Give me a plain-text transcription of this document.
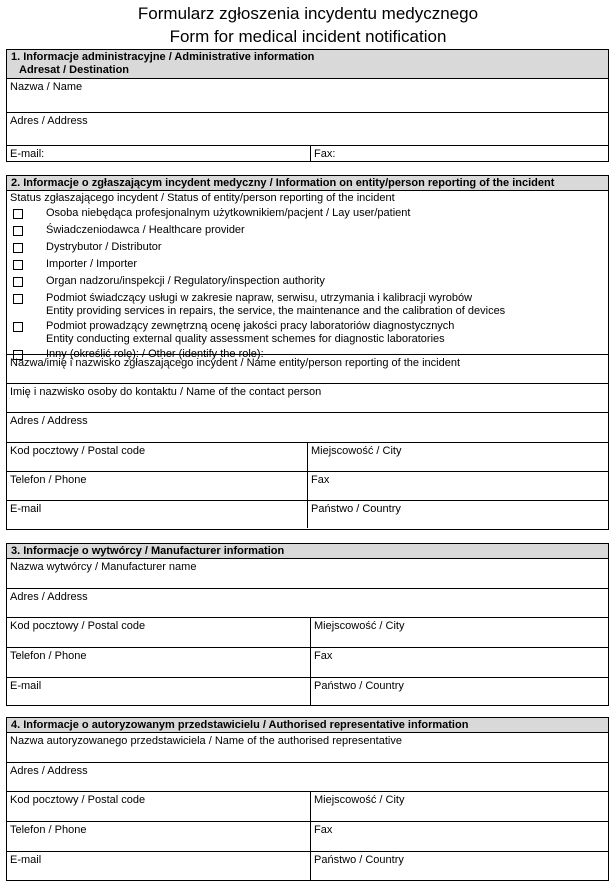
Formularz zgłoszenia incydentu medycznego
Form for medical incident notification
1. Informacje administracyjne / Administrative information
Adresat / Destination
Nazwa / Name
Adres / Address
E-mail:	Fax:
2. Informacje o zgłaszającym incydent medyczny / Information on entity/person reporting of the incident
Status zgłaszającego incydent / Status of entity/person reporting of the incident
Osoba niebędąca profesjonalnym użytkownikiem/pacjent / Lay user/patient
Świadczeniodawca / Healthcare provider
Dystrybutor / Distributor
Importer / Importer
Organ nadzoru/inspekcji / Regulatory/inspection authority
Podmiot świadczący usługi w zakresie napraw, serwisu, utrzymania i kalibracji wyrobów
Entity providing services in repairs, the service, the maintenance and the calibration of devices
Podmiot prowadzący zewnętrzną ocenę jakości pracy laboratoriów diagnostycznych
Entity conducting external quality assessment schemes for diagnostic laboratories
Inny (określić rolę): / Other (identify the role):
Nazwa/imię i nazwisko zgłaszającego incydent / Name entity/person reporting of the incident
Imię i nazwisko osoby do kontaktu / Name of the contact person
Adres / Address
Kod pocztowy / Postal code	Miejscowość / City
Telefon / Phone	Fax
E-mail	Państwo / Country
3. Informacje o wytwórcy / Manufacturer information
Nazwa wytwórcy / Manufacturer name
Adres / Address
Kod pocztowy / Postal code	Miejscowość / City
Telefon / Phone	Fax
E-mail	Państwo / Country
4. Informacje o autoryzowanym przedstawicielu / Authorised representative information
Nazwa autoryzowanego przedstawiciela / Name of the authorised representative
Adres / Address
Kod pocztowy / Postal code	Miejscowość / City
Telefon / Phone	Fax
E-mail	Państwo / Country
